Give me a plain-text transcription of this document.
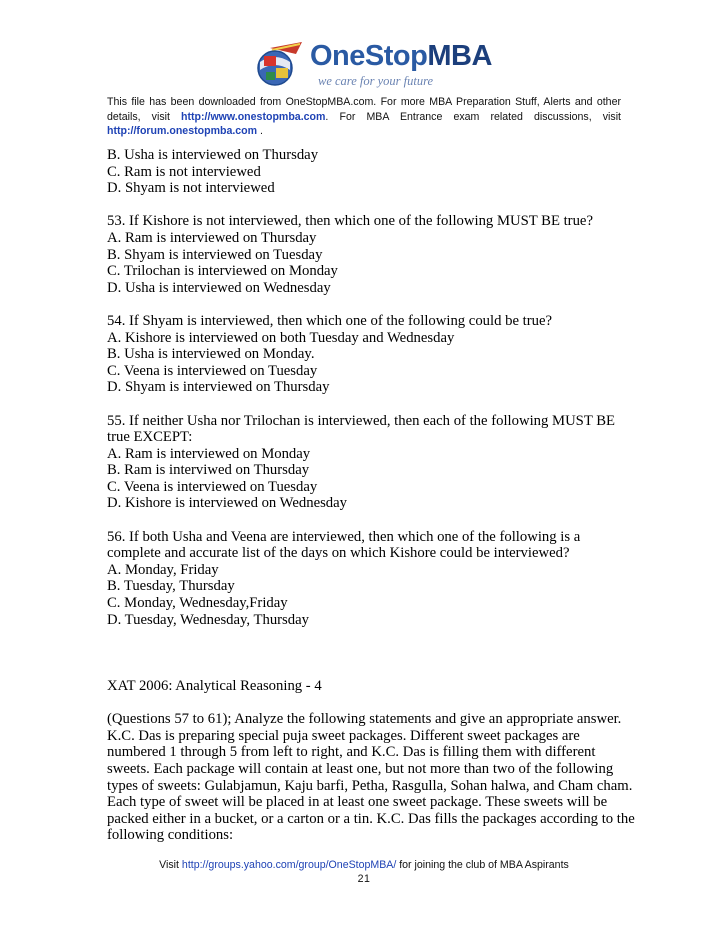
OneStopMBA
we care for your future
This file has been downloaded from OneStopMBA.com. For more MBA Preparation Stuff, Alerts and other details, visit http://www.onestopmba.com. For MBA Entrance exam related discussions, visit http://forum.onestopmba.com .
B. Usha is interviewed on Thursday
C. Ram is not interviewed
D. Shyam is not interviewed
53. If Kishore is not interviewed, then which one of the following MUST BE true?
A. Ram is interviewed on Thursday
B. Shyam is interviewed on Tuesday
C. Trilochan is interviewed on Monday
D. Usha is interviewed on Wednesday
54. If Shyam is interviewed, then which one of the following could be true?
A. Kishore is interviewed on both Tuesday and Wednesday
B. Usha is interviewed on Monday.
C. Veena is interviewed on Tuesday
D. Shyam is interviewed on Thursday
55. If neither Usha nor Trilochan is interviewed, then each of the following MUST BE
true EXCEPT:
A. Ram is interviewed on Monday
B. Ram is interviwed on Thursday
C. Veena is interviewed on Tuesday
D. Kishore is interviewed on Wednesday
56. If both Usha and Veena are interviewed, then which one of the following is a
complete and accurate list of the days on which Kishore could be interviewed?
A. Monday, Friday
B. Tuesday, Thursday
C. Monday, Wednesday,Friday
D. Tuesday, Wednesday, Thursday
XAT 2006: Analytical Reasoning - 4
(Questions 57 to 61); Analyze the following statements and give an appropriate answer.
K.C. Das is preparing special puja sweet packages. Different sweet packages are
numbered 1 through 5 from left to right, and K.C. Das is filling them with different
sweets. Each package will contain at least one, but not more than two of the following
types of sweets: Gulabjamun, Kaju barfi, Petha, Rasgulla, Sohan halwa, and Cham cham.
Each type of sweet will be placed in at least one sweet package. These sweets will be
packed either in a bucket, or a carton or a tin. K.C. Das fills the packages according to the
following conditions:
Visit http://groups.yahoo.com/group/OneStopMBA/ for joining the club of MBA Aspirants
21
